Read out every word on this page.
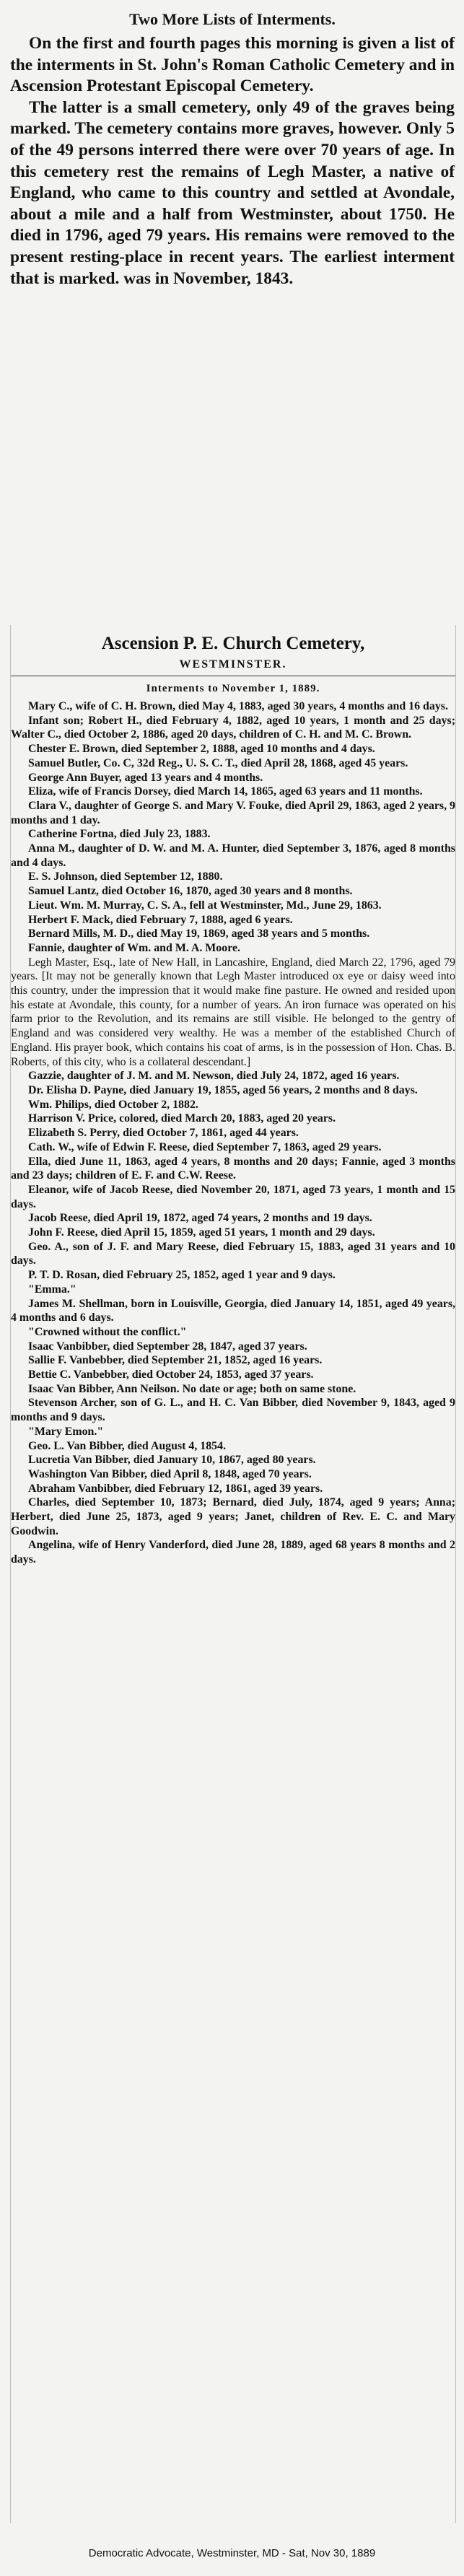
Two More Lists of Interments.

On the first and fourth pages this morning is given a list of the interments in St. John's Roman Catholic Cemetery and in Ascension Protestant Episcopal Cemetery.

The latter is a small cemetery, only 49 of the graves being marked. The cemetery contains more graves, however. Only 5 of the 49 persons interred there were over 70 years of age. In this cemetery rest the remains of Legh Master, a native of England, who came to this country and settled at Avondale, about a mile and a half from Westminster, about 1750. He died in 1796, aged 79 years. His remains were removed to the present resting-place in recent years. The earliest interment that is marked. was in November, 1843.

Ascension P. E. Church Cemetery,
WESTMINSTER.
Interments to November 1, 1889.

Mary C., wife of C. H. Brown, died May 4, 1883, aged 30 years, 4 months and 16 days.

Infant son; Robert H., died February 4, 1882, aged 10 years, 1 month and 25 days; Walter C., died October 2, 1886, aged 20 days, children of C. H. and M. C. Brown.

Chester E. Brown, died September 2, 1888, aged 10 months and 4 days.

Samuel Butler, Co. C, 32d Reg., U. S. C. T., died April 28, 1868, aged 45 years.

George Ann Buyer, aged 13 years and 4 months.

Eliza, wife of Francis Dorsey, died March 14, 1865, aged 63 years and 11 months.

Clara V., daughter of George S. and Mary V. Fouke, died April 29, 1863, aged 2 years, 9 months and 1 day.

Catherine Fortna, died July 23, 1883.

Anna M., daughter of D. W. and M. A. Hunter, died September 3, 1876, aged 8 months and 4 days.

E. S. Johnson, died September 12, 1880.

Samuel Lantz, died October 16, 1870, aged 30 years and 8 months.

Lieut. Wm. M. Murray, C. S. A., fell at Westminster, Md., June 29, 1863.

Herbert F. Mack, died February 7, 1888, aged 6 years.

Bernard Mills, M. D., died May 19, 1869, aged 38 years and 5 months.

Fannie, daughter of Wm. and M. A. Moore.

Legh Master, Esq., late of New Hall, in Lancashire, England, died March 22, 1796, aged 79 years. [It may not be generally known that Legh Master introduced ox eye or daisy weed into this country, under the impression that it would make fine pasture. He owned and resided upon his estate at Avondale, this county, for a number of years. An iron furnace was operated on his farm prior to the Revolution, and its remains are still visible. He belonged to the gentry of England and was considered very wealthy. He was a member of the established Church of England. His prayer book, which contains his coat of arms, is in the possession of Hon. Chas. B. Roberts, of this city, who is a collateral descendant.]

Gazzie, daughter of J. M. and M. Newson, died July 24, 1872, aged 16 years.

Dr. Elisha D. Payne, died January 19, 1855, aged 56 years, 2 months and 8 days.

Wm. Philips, died October 2, 1882.

Harrison V. Price, colored, died March 20, 1883, aged 20 years.

Elizabeth S. Perry, died October 7, 1861, aged 44 years.

Cath. W., wife of Edwin F. Reese, died September 7, 1863, aged 29 years.

Ella, died June 11, 1863, aged 4 years, 8 months and 20 days; Fannie, aged 3 months and 23 days; children of E. F. and C.W. Reese.

Eleanor, wife of Jacob Reese, died November 20, 1871, aged 73 years, 1 month and 15 days.

Jacob Reese, died April 19, 1872, aged 74 years, 2 months and 19 days.

John F. Reese, died April 15, 1859, aged 51 years, 1 month and 29 days.

Geo. A., son of J. F. and Mary Reese, died February 15, 1883, aged 31 years and 10 days.

P. T. D. Rosan, died February 25, 1852, aged 1 year and 9 days.

"Emma."

James M. Shellman, born in Louisville, Georgia, died January 14, 1851, aged 49 years, 4 months and 6 days.

"Crowned without the conflict."

Isaac Vanbibber, died September 28, 1847, aged 37 years.

Sallie F. Vanbebber, died September 21, 1852, aged 16 years.

Bettie C. Vanbebber, died October 24, 1853, aged 37 years.

Isaac Van Bibber, Ann Neilson. No date or age; both on same stone.

Stevenson Archer, son of G. L., and H. C. Van Bibber, died November 9, 1843, aged 9 months and 9 days.

"Mary Emon."

Geo. L. Van Bibber, died August 4, 1854.

Lucretia Van Bibber, died January 10, 1867, aged 80 years.

Washington Van Bibber, died April 8, 1848, aged 70 years.

Abraham Vanbibber, died February 12, 1861, aged 39 years.

Charles, died September 10, 1873; Bernard, died July, 1874, aged 9 years; Anna; Herbert, died June 25, 1873, aged 9 years; Janet, children of Rev. E. C. and Mary Goodwin.

Angelina, wife of Henry Vanderford, died June 28, 1889, aged 68 years 8 months and 2 days.

Democratic Advocate, Westminster, MD - Sat, Nov 30, 1889
